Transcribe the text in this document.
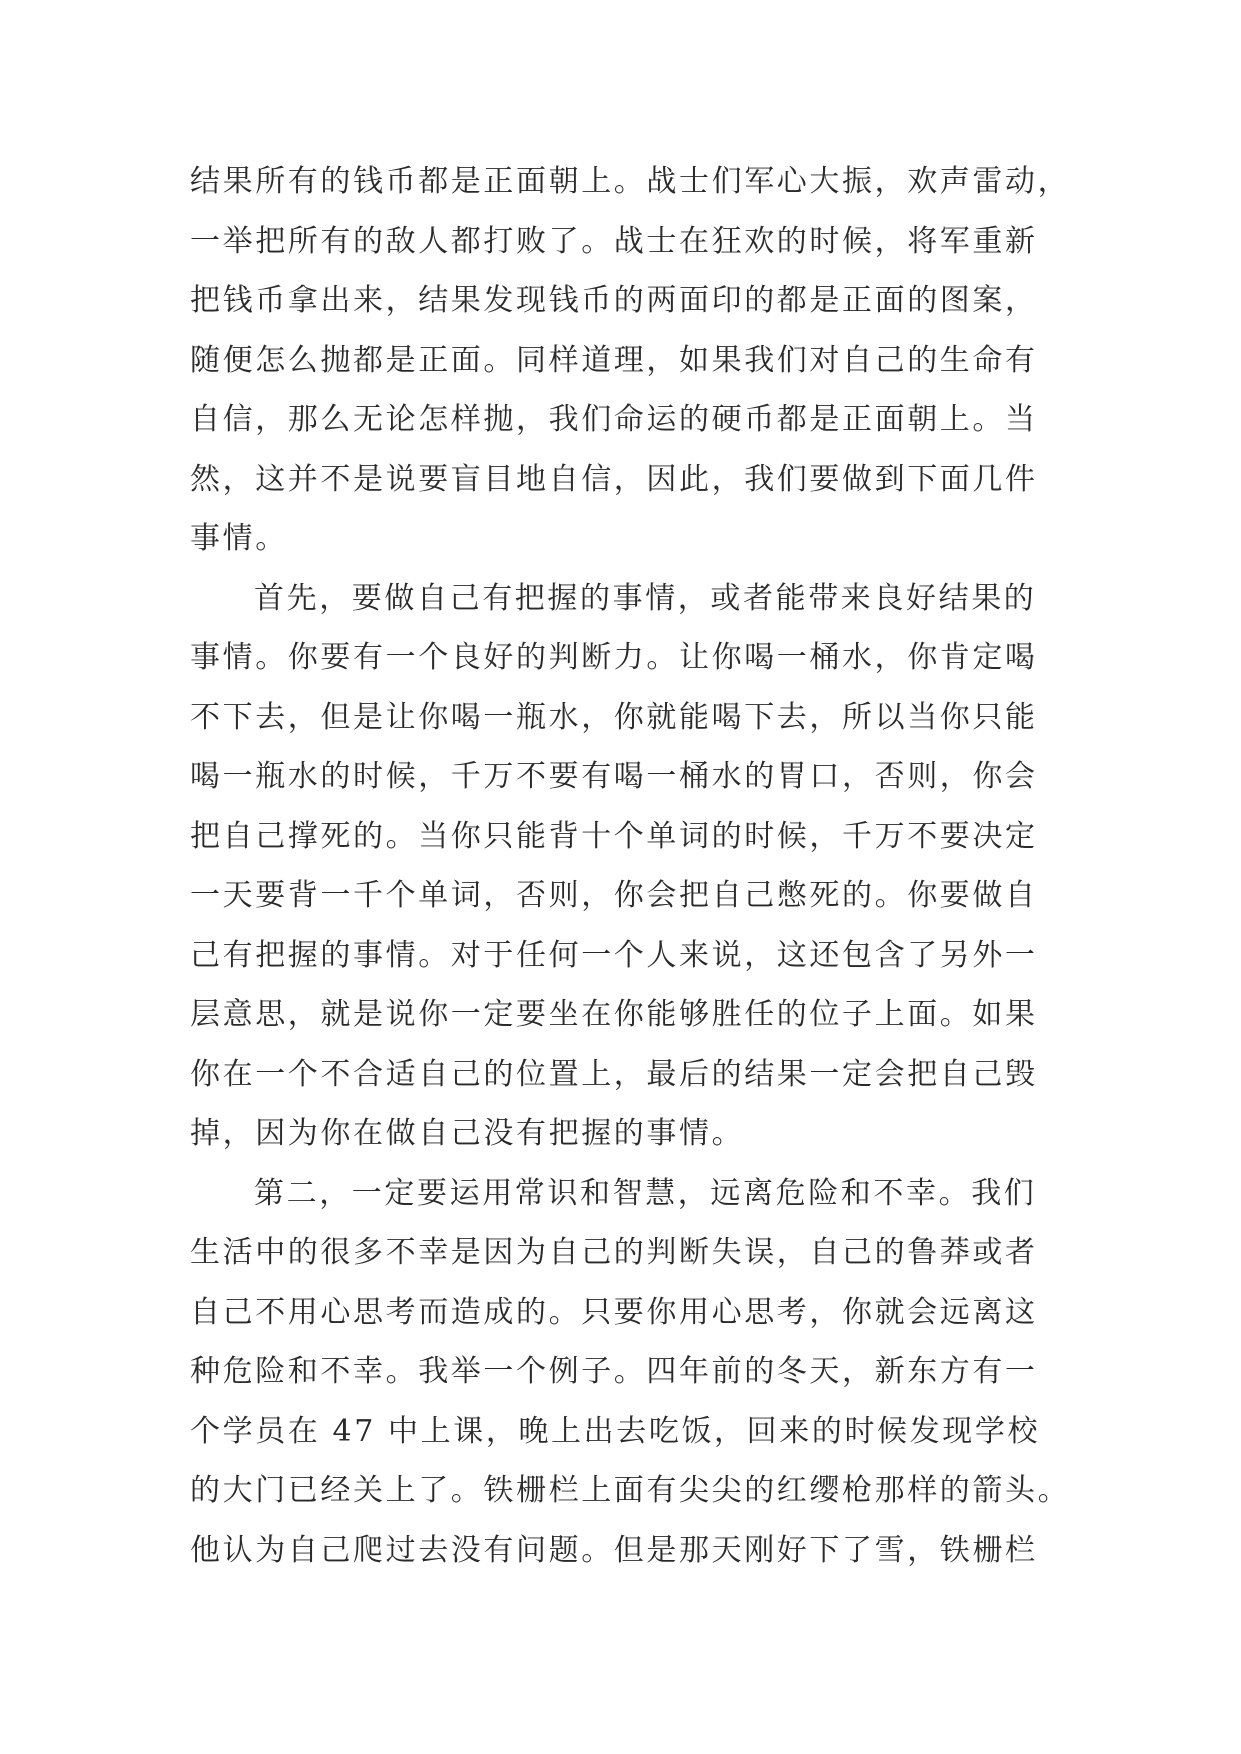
结果所有的钱币都是正面朝上。战士们军心大振，欢声雷动，
一举把所有的敌人都打败了。战士在狂欢的时候，将军重新
把钱币拿出来，结果发现钱币的两面印的都是正面的图案，
随便怎么抛都是正面。同样道理，如果我们对自己的生命有
自信，那么无论怎样抛，我们命运的硬币都是正面朝上。当
然，这并不是说要盲目地自信，因此，我们要做到下面几件
事情。
首先，要做自己有把握的事情，或者能带来良好结果的
事情。你要有一个良好的判断力。让你喝一桶水，你肯定喝
不下去，但是让你喝一瓶水，你就能喝下去，所以当你只能
喝一瓶水的时候，千万不要有喝一桶水的胃口，否则，你会
把自己撑死的。当你只能背十个单词的时候，千万不要决定
一天要背一千个单词，否则，你会把自己憋死的。你要做自
己有把握的事情。对于任何一个人来说，这还包含了另外一
层意思，就是说你一定要坐在你能够胜任的位子上面。如果
你在一个不合适自己的位置上，最后的结果一定会把自己毁
掉，因为你在做自己没有把握的事情。
第二，一定要运用常识和智慧，远离危险和不幸。我们
生活中的很多不幸是因为自己的判断失误，自己的鲁莽或者
自己不用心思考而造成的。只要你用心思考，你就会远离这
种危险和不幸。我举一个例子。四年前的冬天，新东方有一
个学员在 47 中上课，晚上出去吃饭，回来的时候发现学校
的大门已经关上了。铁栅栏上面有尖尖的红缨枪那样的箭头。
他认为自己爬过去没有问题。但是那天刚好下了雪，铁栅栏
